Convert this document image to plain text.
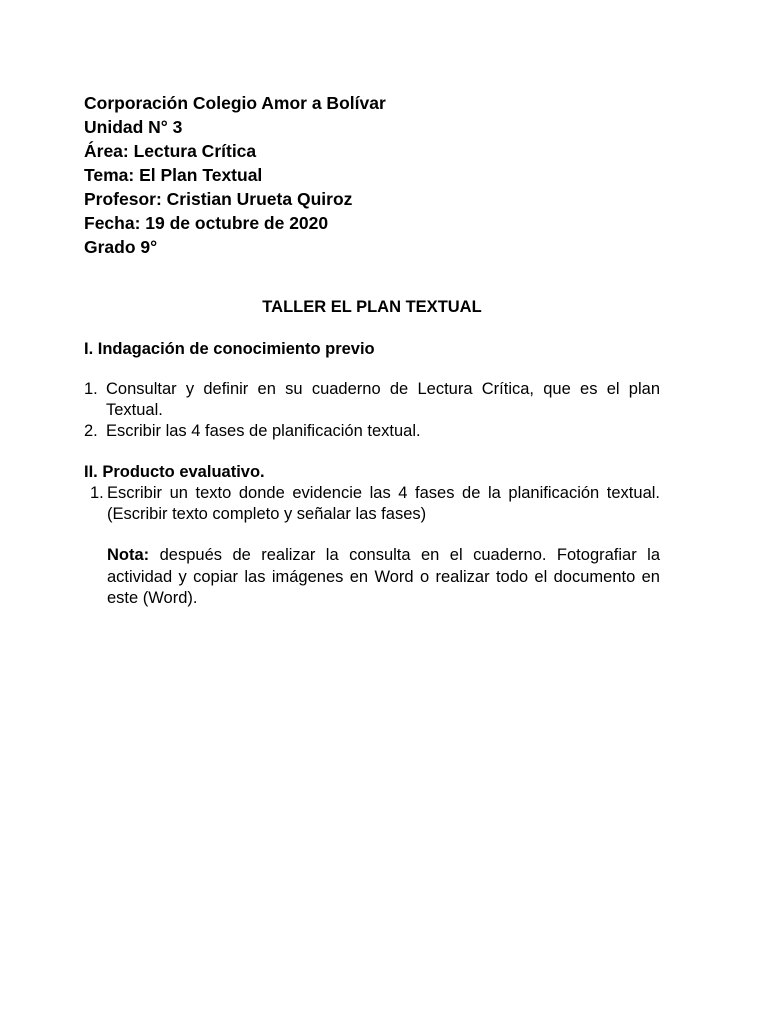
Corporación Colegio Amor a Bolívar
Unidad N° 3
Área: Lectura Crítica
Tema: El Plan Textual
Profesor: Cristian Urueta Quiroz
Fecha: 19 de octubre de 2020
Grado 9°
TALLER EL PLAN TEXTUAL
I. Indagación de conocimiento previo
1. Consultar y definir en su cuaderno de Lectura Crítica, que es el plan Textual.
2. Escribir las 4 fases de planificación textual.
II. Producto evaluativo.
1. Escribir un texto donde evidencie las 4 fases de la planificación textual. (Escribir texto completo y señalar las fases)
Nota: después de realizar la consulta en el cuaderno. Fotografiar la actividad y copiar las imágenes en Word o realizar todo el documento en este (Word).
